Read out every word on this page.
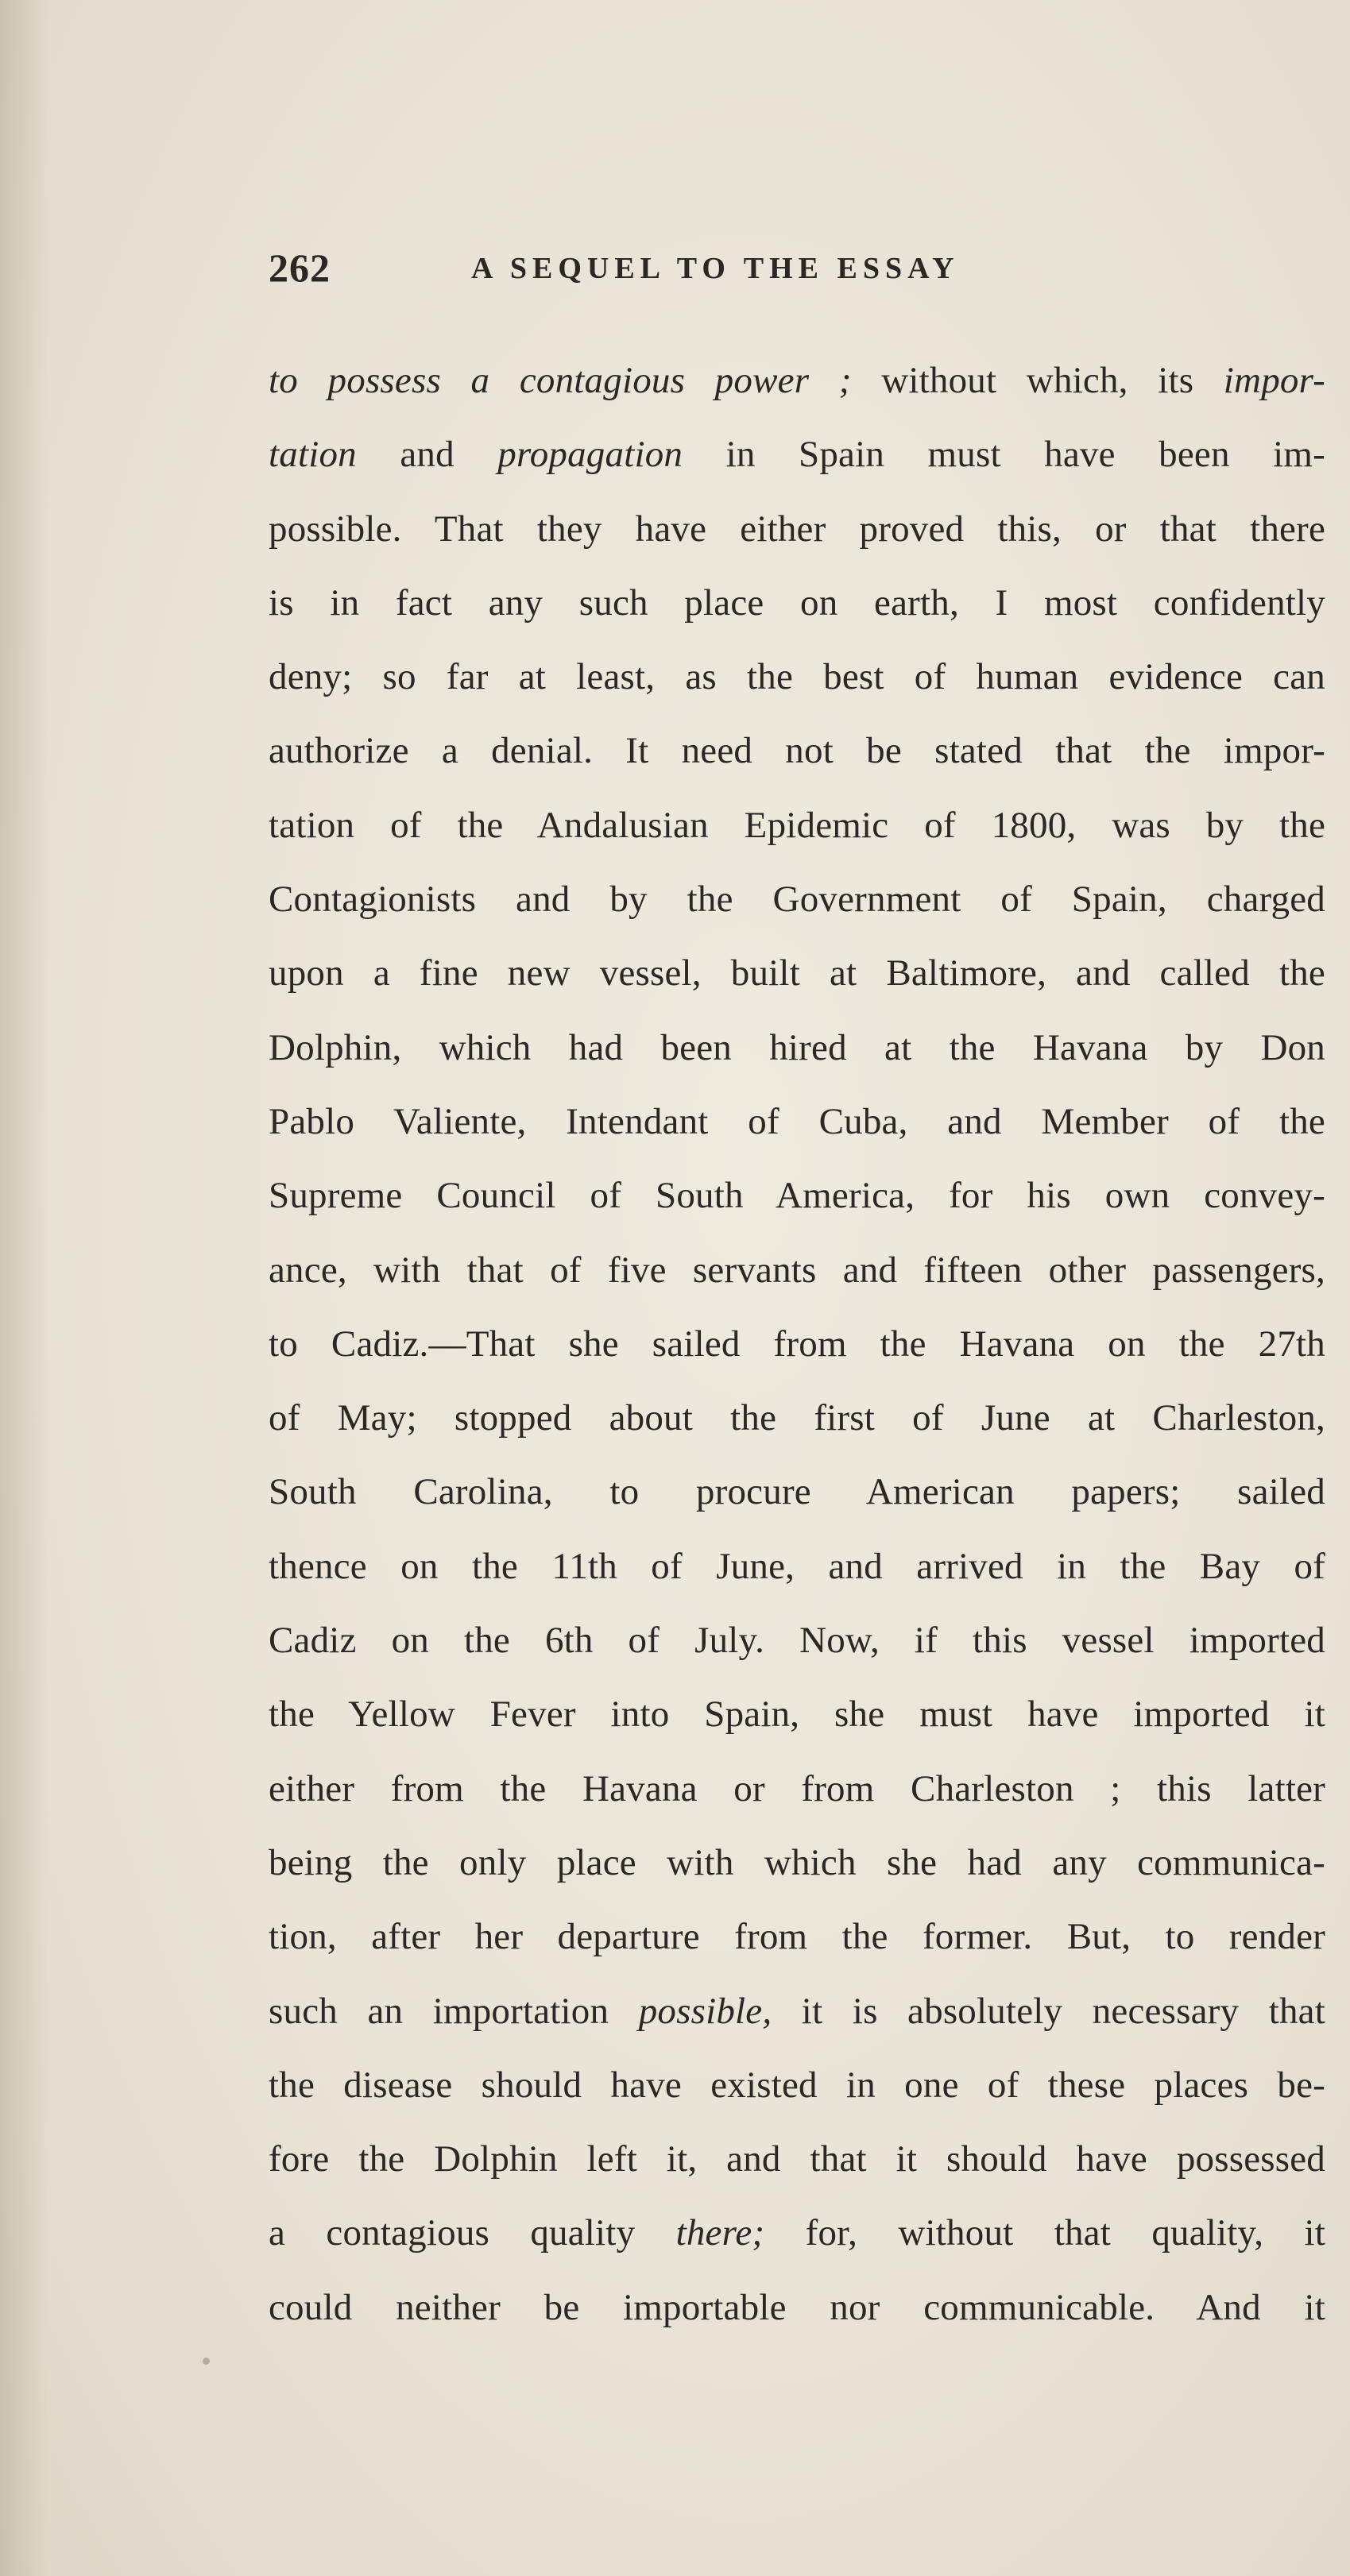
262	A SEQUEL TO THE ESSAY
to possess a contagious power ; without which, its impor-
tation and propagation in Spain must have been im-
possible. That they have either proved this, or that there
is in fact any such place on earth, I most confidently
deny; so far at least, as the best of human evidence can
authorize a denial. It need not be stated that the impor-
tation of the Andalusian Epidemic of 1800, was by the
Contagionists and by the Government of Spain, charged
upon a fine new vessel, built at Baltimore, and called the
Dolphin, which had been hired at the Havana by Don
Pablo Valiente, Intendant of Cuba, and Member of the
Supreme Council of South America, for his own convey-
ance, with that of five servants and fifteen other passengers,
to Cadiz.—That she sailed from the Havana on the 27th
of May; stopped about the first of June at Charleston,
South Carolina, to procure American papers; sailed
thence on the 11th of June, and arrived in the Bay of
Cadiz on the 6th of July. Now, if this vessel imported
the Yellow Fever into Spain, she must have imported it
either from the Havana or from Charleston ; this latter
being the only place with which she had any communica-
tion, after her departure from the former. But, to render
such an importation possible, it is absolutely necessary that
the disease should have existed in one of these places be-
fore the Dolphin left it, and that it should have possessed
a contagious quality there; for, without that quality, it
could neither be importable nor communicable. And it
